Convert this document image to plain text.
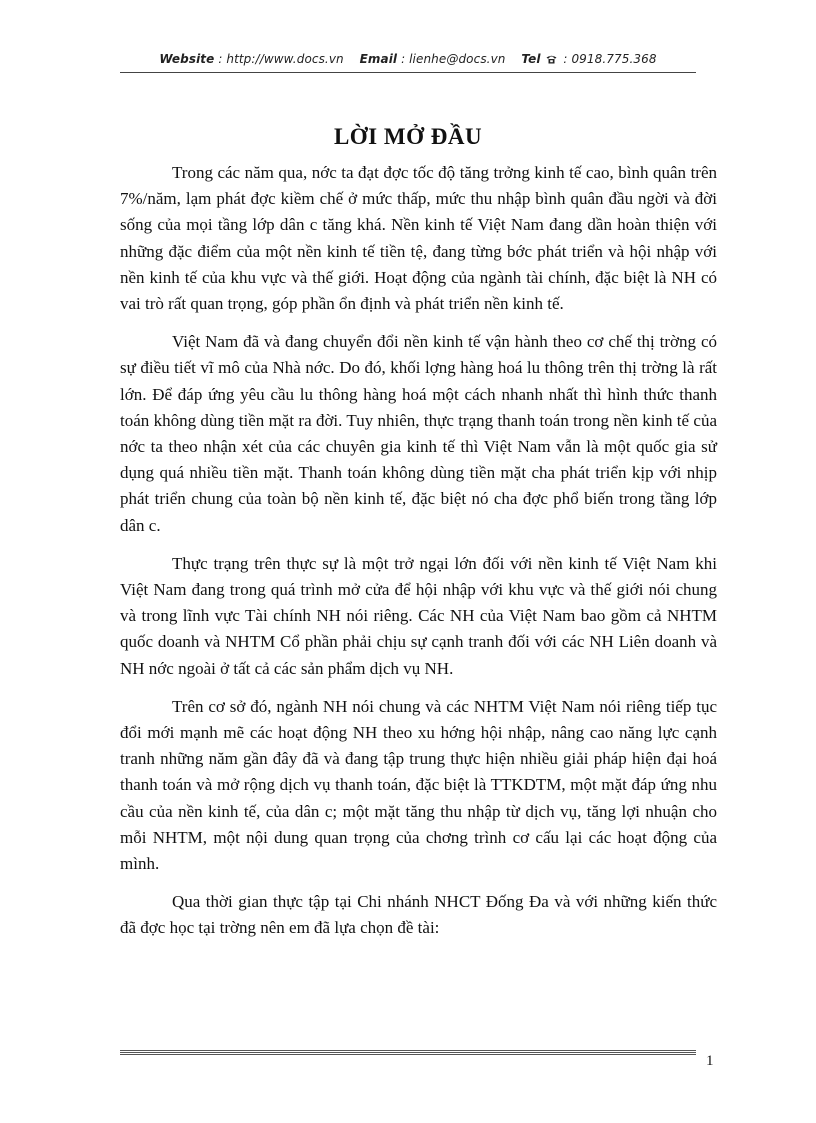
Website : http://www.docs.vn Email : lienhe@docs.vn Tel : 0918.775.368
LỜI MỞ ĐẦU

Trong các năm qua, nớc ta đạt đợc tốc độ tăng trởng kinh tế cao, bình quân trên 7%/năm, lạm phát đợc kiềm chế ở mức thấp, mức thu nhập bình quân đầu ngời và đời sống của mọi tầng lớp dân c tăng khá. Nền kinh tế Việt Nam đang dần hoàn thiện với những đặc điểm của một nền kinh tế tiền tệ, đang từng bớc phát triển và hội nhập với nền kinh tế của khu vực và thế giới. Hoạt động của ngành tài chính, đặc biệt là NH có vai trò rất quan trọng, góp phần ổn định và phát triển nền kinh tế.

Việt Nam đã và đang chuyển đổi nền kinh tế vận hành theo cơ chế thị trờng có sự điều tiết vĩ mô của Nhà nớc. Do đó, khối lợng hàng hoá lu thông trên thị trờng là rất lớn. Để đáp ứng yêu cầu lu thông hàng hoá một cách nhanh nhất thì hình thức thanh toán không dùng tiền mặt ra đời. Tuy nhiên, thực trạng thanh toán trong nền kinh tế của nớc ta theo nhận xét của các chuyên gia kinh tế thì Việt Nam vẫn là một quốc gia sử dụng quá nhiều tiền mặt. Thanh toán không dùng tiền mặt cha phát triển kịp với nhịp phát triển chung của toàn bộ nền kinh tế, đặc biệt nó cha đợc phổ biến trong tầng lớp dân c.

Thực trạng trên thực sự là một trở ngại lớn đối với nền kinh tế Việt Nam khi Việt Nam đang trong quá trình mở cửa để hội nhập với khu vực và thế giới nói chung và trong lĩnh vực Tài chính NH nói riêng. Các NH của Việt Nam bao gồm cả NHTM quốc doanh và NHTM Cổ phần phải chịu sự cạnh tranh đối với các NH Liên doanh và NH nớc ngoài ở tất cả các sản phẩm dịch vụ NH.

Trên cơ sở đó, ngành NH nói chung và các NHTM Việt Nam nói riêng tiếp tục đổi mới mạnh mẽ các hoạt động NH theo xu hớng hội nhập, nâng cao năng lực cạnh tranh những năm gần đây đã và đang tập trung thực hiện nhiều giải pháp hiện đại hoá thanh toán và mở rộng dịch vụ thanh toán, đặc biệt là TTKDTM, một mặt đáp ứng nhu cầu của nền kinh tế, của dân c; một mặt tăng thu nhập từ dịch vụ, tăng lợi nhuận cho mỗi NHTM, một nội dung quan trọng của chơng trình cơ cấu lại các hoạt động của mình.

Qua thời gian thực tập tại Chi nhánh NHCT Đống Đa và với những kiến thức đã đợc học tại trờng nên em đã lựa chọn đề tài:

1
